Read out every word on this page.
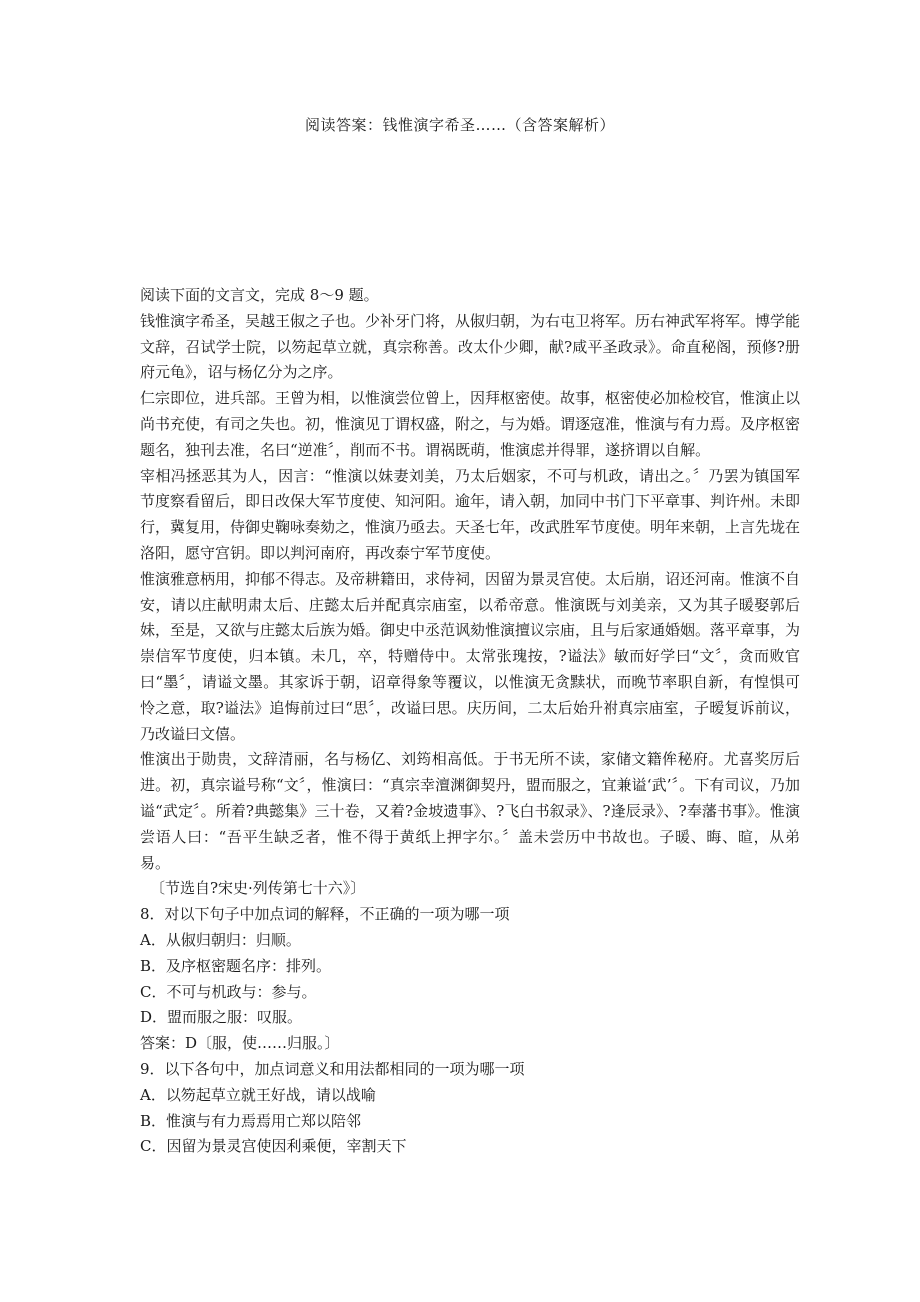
阅读答案：钱惟演字希圣……（含答案解析）

阅读下面的文言文，完成 8～9 题。

钱惟演字希圣，吴越王俶之子也。少补牙门将，从俶归朝，为右屯卫将军。历右神武军将军。博学能文辞，召试学士院，以笏起草立就，真宗称善。改太仆少卿，献?咸平圣政录》。命直秘阁，预修?册府元龟》，诏与杨亿分为之序。

仁宗即位，进兵部。王曾为相，以惟演尝位曾上，因拜枢密使。故事，枢密使必加检校官，惟演止以尚书充使，有司之失也。初，惟演见丁谓权盛，附之，与为婚。谓逐寇准，惟演与有力焉。及序枢密题名，独刊去准，名曰“逆准〞，削而不书。谓祸既萌，惟演虑并得罪，遂挤谓以自解。

宰相冯拯恶其为人，因言：“惟演以妹妻刘美，乃太后姻家，不可与机政，请出之。〞乃罢为镇国军节度察看留后，即日改保大军节度使、知河阳。逾年，请入朝，加同中书门下平章事、判许州。未即行，冀复用，侍御史鞠咏奏劾之，惟演乃亟去。天圣七年，改武胜军节度使。明年来朝，上言先垅在洛阳，愿守宫钥。即以判河南府，再改泰宁军节度使。

惟演雅意柄用，抑郁不得志。及帝耕籍田，求侍祠，因留为景灵宫使。太后崩，诏还河南。惟演不自安，请以庄献明肃太后、庄懿太后并配真宗庙室，以希帝意。惟演既与刘美亲，又为其子暖娶郭后妹，至是，又欲与庄懿太后族为婚。御史中丞范讽劾惟演擅议宗庙，且与后家通婚姻。落平章事，为崇信军节度使，归本镇。未几，卒，特赠侍中。太常张瑰按，?谥法》敏而好学曰“文〞，贪而败官曰“墨〞，请谥文墨。其家诉于朝，诏章得象等覆议，以惟演无贪黩状，而晚节率职自新，有惶惧可怜之意，取?谥法》追悔前过曰“思〞，改谥曰思。庆历间，二太后始升祔真宗庙室，子暧复诉前议，乃改谥曰文僖。

惟演出于勋贵，文辞清丽，名与杨亿、刘筠相高低。于书无所不读，家储文籍侔秘府。尤喜奖厉后进。初，真宗谥号称“文〞，惟演曰：“真宗幸澶渊御契丹，盟而服之，宜兼谥‘武’〞。下有司议，乃加谥“武定〞。所着?典懿集》三十卷，又着?金坡遗事》、?飞白书叙录》、?逢辰录》、?奉藩书事》。惟演尝语人曰：“吾平生缺乏者，惟不得于黄纸上押字尔。〞盖未尝历中书故也。子暖、晦、暄，从弟易。

〔节选自?宋史·列传第七十六》〕

8．对以下句子中加点词的解释，不正确的一项为哪一项

A．从俶归朝归：归顺。

B．及序枢密题名序：排列。

C．不可与机政与：参与。

D．盟而服之服：叹服。

答案：D〔服，使……归服。〕

9．以下各句中，加点词意义和用法都相同的一项为哪一项

A．以笏起草立就王好战，请以战喻

B．惟演与有力焉焉用亡郑以陪邻

C．因留为景灵宫使因利乘便，宰割天下
